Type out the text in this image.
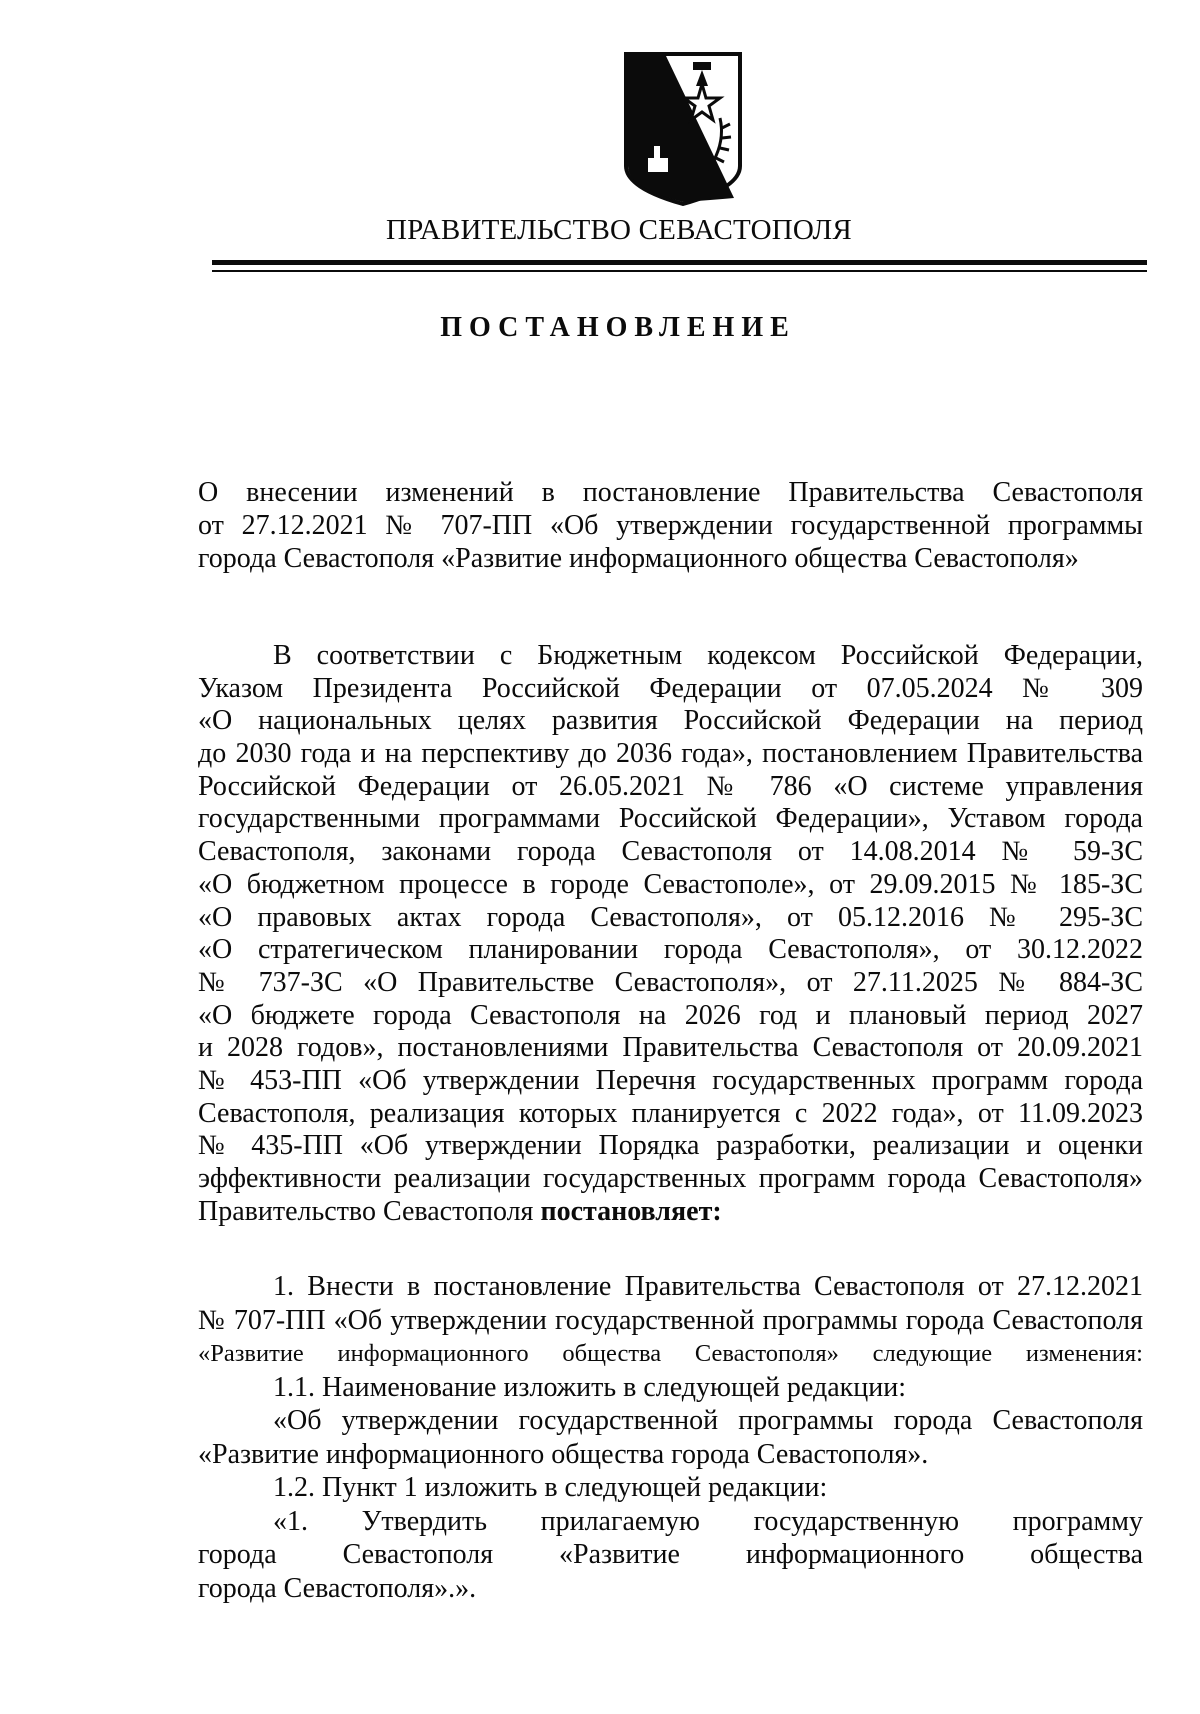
ПРАВИТЕЛЬСТВО СЕВАСТОПОЛЯ
ПОСТАНОВЛЕНИЕ
О внесении изменений в постановление Правительства Севастополя
от 27.12.2021 № 707-ПП «Об утверждении государственной программы
города Севастополя «Развитие информационного общества Севастополя»
В соответствии с Бюджетным кодексом Российской Федерации,
Указом Президента Российской Федерации от 07.05.2024 № 309
«О национальных целях развития Российской Федерации на период
до 2030 года и на перспективу до 2036 года», постановлением Правительства
Российской Федерации от 26.05.2021 № 786 «О системе управления
государственными программами Российской Федерации», Уставом города
Севастополя, законами города Севастополя от 14.08.2014 № 59-ЗС
«О бюджетном процессе в городе Севастополе», от 29.09.2015 № 185-ЗС
«О правовых актах города Севастополя», от 05.12.2016 № 295-ЗС
«О стратегическом планировании города Севастополя», от 30.12.2022
№ 737-ЗС «О Правительстве Севастополя», от 27.11.2025 № 884-ЗС
«О бюджете города Севастополя на 2026 год и плановый период 2027
и 2028 годов», постановлениями Правительства Севастополя от 20.09.2021
№ 453-ПП «Об утверждении Перечня государственных программ города
Севастополя, реализация которых планируется с 2022 года», от 11.09.2023
№ 435-ПП «Об утверждении Порядка разработки, реализации и оценки
эффективности реализации государственных программ города Севастополя»
Правительство Севастополя постановляет:
1. Внести в постановление Правительства Севастополя от 27.12.2021
№ 707-ПП «Об утверждении государственной программы города Севастополя
«Развитие информационного общества Севастополя» следующие изменения:
1.1. Наименование изложить в следующей редакции:
«Об утверждении государственной программы города Севастополя
«Развитие информационного общества города Севастополя».
1.2. Пункт 1 изложить в следующей редакции:
«1. Утвердить прилагаемую государственную программу
города Севастополя «Развитие информационного общества
города Севастополя».».
